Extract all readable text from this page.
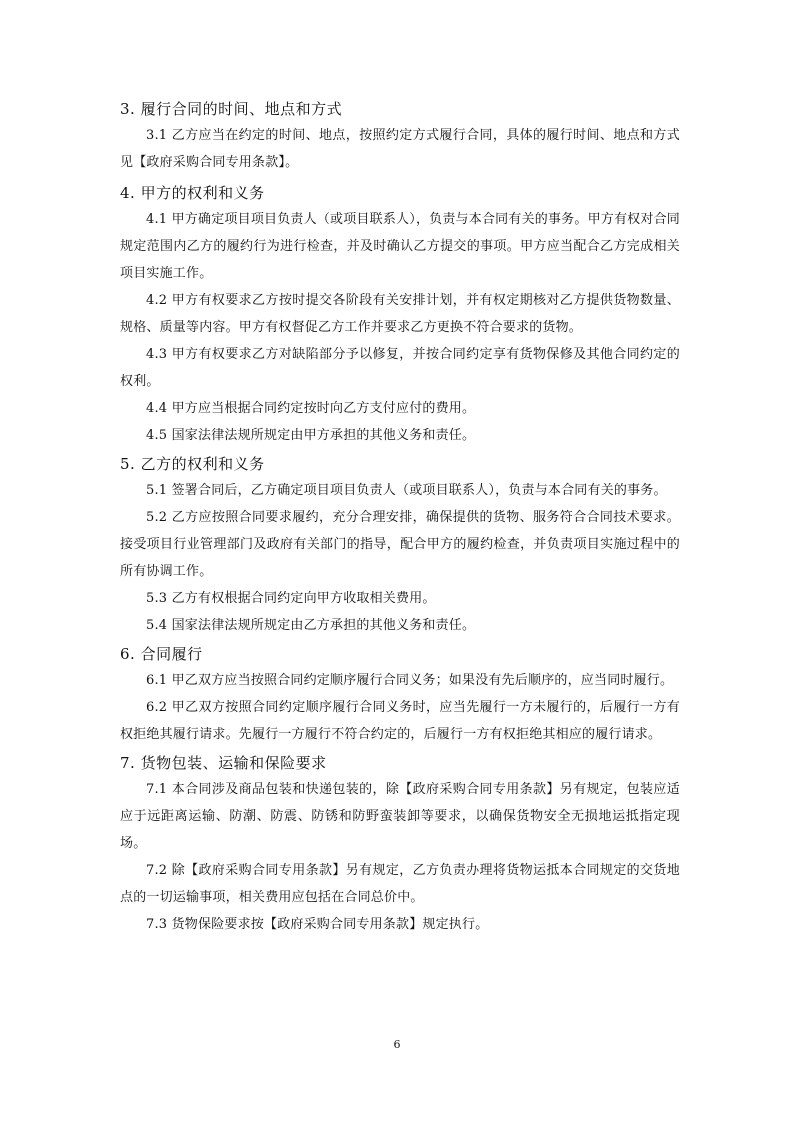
3. 履行合同的时间、地点和方式

3.1 乙方应当在约定的时间、地点，按照约定方式履行合同，具体的履行时间、地点和方式见【政府采购合同专用条款】。

4. 甲方的权利和义务

4.1 甲方确定项目项目负责人（或项目联系人），负责与本合同有关的事务。甲方有权对合同规定范围内乙方的履约行为进行检查，并及时确认乙方提交的事项。甲方应当配合乙方完成相关项目实施工作。

4.2 甲方有权要求乙方按时提交各阶段有关安排计划，并有权定期核对乙方提供货物数量、规格、质量等内容。甲方有权督促乙方工作并要求乙方更换不符合要求的货物。

4.3 甲方有权要求乙方对缺陷部分予以修复，并按合同约定享有货物保修及其他合同约定的权利。

4.4 甲方应当根据合同约定按时向乙方支付应付的费用。

4.5 国家法律法规所规定由甲方承担的其他义务和责任。

5. 乙方的权利和义务

5.1 签署合同后，乙方确定项目项目负责人（或项目联系人），负责与本合同有关的事务。

5.2 乙方应按照合同要求履约，充分合理安排，确保提供的货物、服务符合合同技术要求。接受项目行业管理部门及政府有关部门的指导，配合甲方的履约检查，并负责项目实施过程中的所有协调工作。

5.3 乙方有权根据合同约定向甲方收取相关费用。

5.4 国家法律法规所规定由乙方承担的其他义务和责任。

6. 合同履行

6.1 甲乙双方应当按照合同约定顺序履行合同义务；如果没有先后顺序的，应当同时履行。

6.2 甲乙双方按照合同约定顺序履行合同义务时，应当先履行一方未履行的，后履行一方有权拒绝其履行请求。先履行一方履行不符合约定的，后履行一方有权拒绝其相应的履行请求。

7. 货物包装、运输和保险要求

7.1 本合同涉及商品包装和快递包装的，除【政府采购合同专用条款】另有规定，包装应适应于远距离运输、防潮、防震、防锈和防野蛮装卸等要求，以确保货物安全无损地运抵指定现场。

7.2 除【政府采购合同专用条款】另有规定，乙方负责办理将货物运抵本合同规定的交货地点的一切运输事项，相关费用应包括在合同总价中。

7.3 货物保险要求按【政府采购合同专用条款】规定执行。

6
